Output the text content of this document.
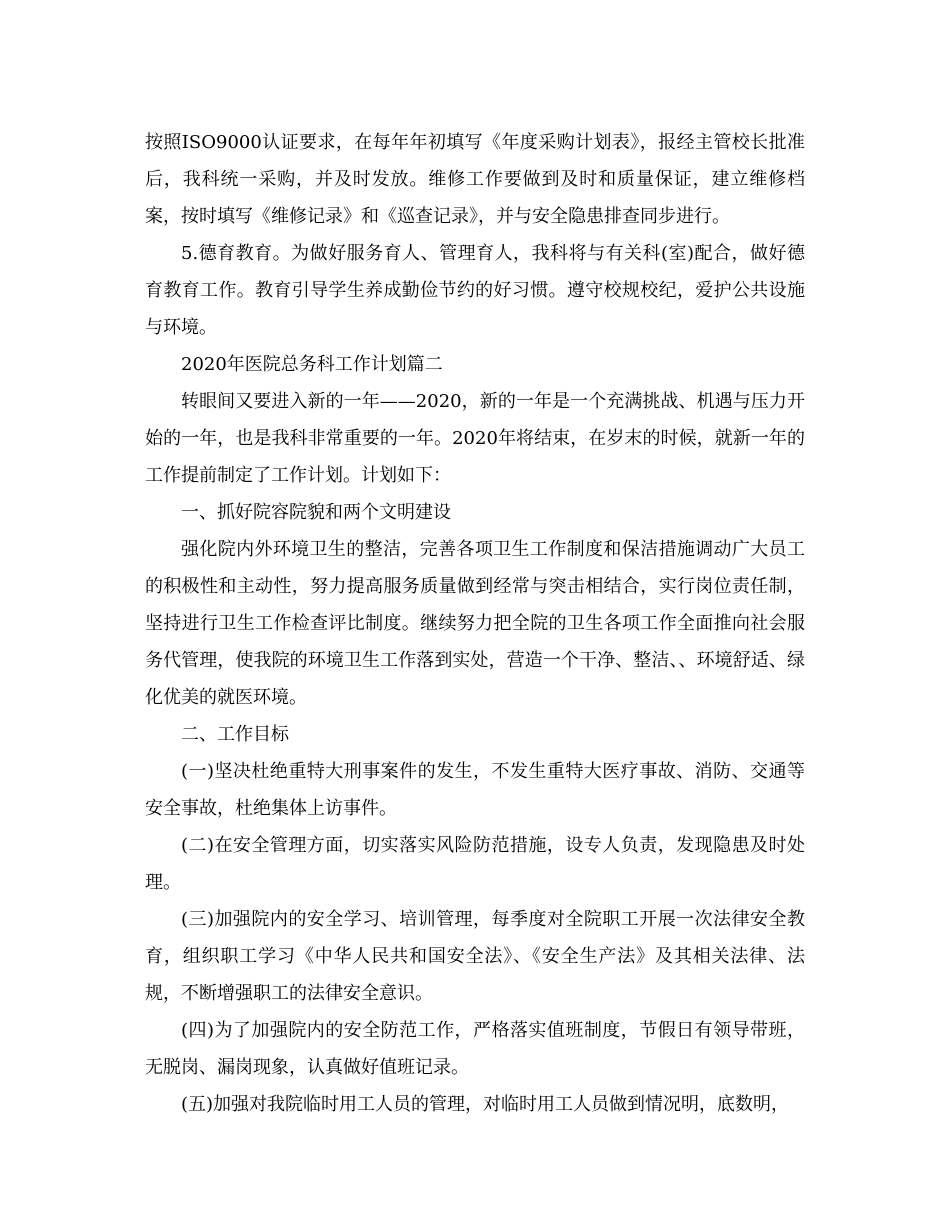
按照ISO9000认证要求，在每年年初填写《年度采购计划表》，报经主管校长批准后，我科统一采购，并及时发放。维修工作要做到及时和质量保证，建立维修档案，按时填写《维修记录》和《巡查记录》，并与安全隐患排查同步进行。

5.德育教育。为做好服务育人、管理育人，我科将与有关科(室)配合，做好德育教育工作。教育引导学生养成勤俭节约的好习惯。遵守校规校纪，爱护公共设施与环境。

2020年医院总务科工作计划篇二

转眼间又要进入新的一年——2020，新的一年是一个充满挑战、机遇与压力开始的一年，也是我科非常重要的一年。2020年将结束，在岁末的时候，就新一年的工作提前制定了工作计划。计划如下：

一、抓好院容院貌和两个文明建设

强化院内外环境卫生的整洁，完善各项卫生工作制度和保洁措施调动广大员工的积极性和主动性，努力提高服务质量做到经常与突击相结合，实行岗位责任制，坚持进行卫生工作检查评比制度。继续努力把全院的卫生各项工作全面推向社会服务代管理，使我院的环境卫生工作落到实处，营造一个干净、整洁、、环境舒适、绿化优美的就医环境。

二、工作目标

(一)坚决杜绝重特大刑事案件的发生，不发生重特大医疗事故、消防、交通等安全事故，杜绝集体上访事件。

(二)在安全管理方面，切实落实风险防范措施，设专人负责，发现隐患及时处理。

(三)加强院内的安全学习、培训管理，每季度对全院职工开展一次法律安全教育，组织职工学习《中华人民共和国安全法》、《安全生产法》及其相关法律、法规，不断增强职工的法律安全意识。

(四)为了加强院内的安全防范工作，严格落实值班制度，节假日有领导带班，无脱岗、漏岗现象，认真做好值班记录。

(五)加强对我院临时用工人员的管理，对临时用工人员做到情况明，底数明，
